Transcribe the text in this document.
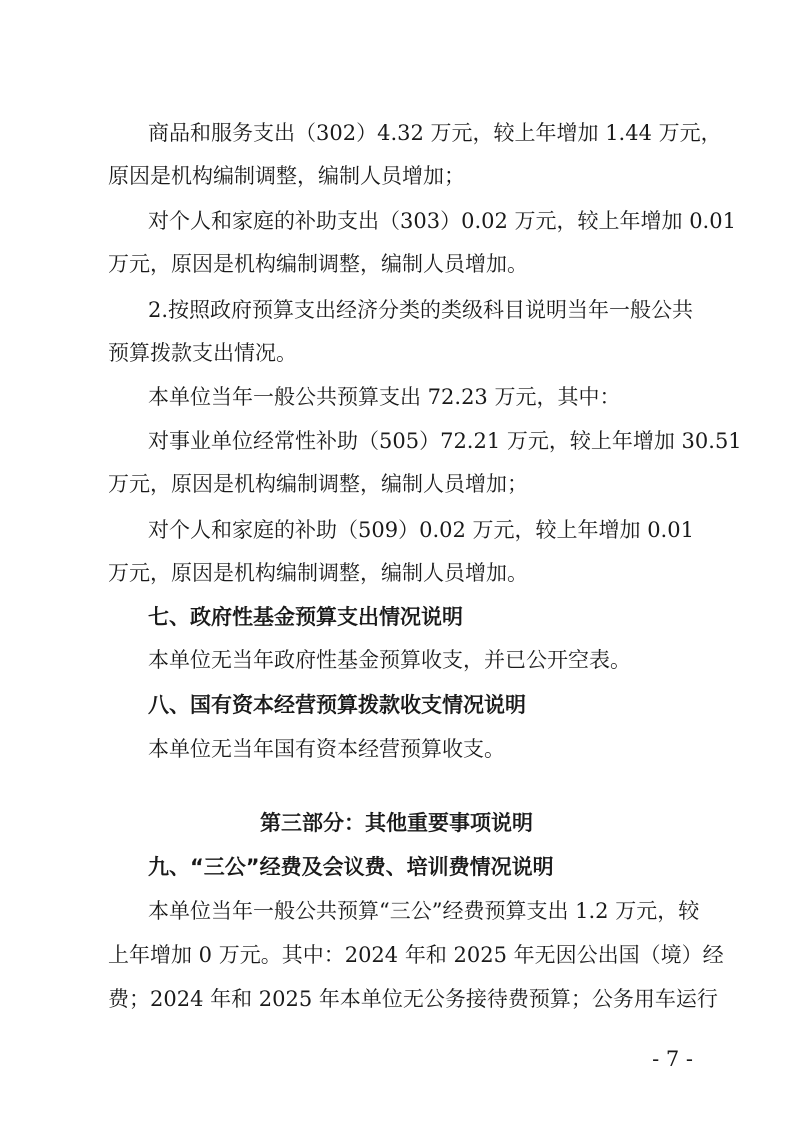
商品和服务支出（302）4.32 万元，较上年增加 1.44 万元，
原因是机构编制调整，编制人员增加；
对个人和家庭的补助支出（303）0.02 万元，较上年增加 0.01
万元，原因是机构编制调整，编制人员增加。
2.按照政府预算支出经济分类的类级科目说明当年一般公共
预算拨款支出情况。
本单位当年一般公共预算支出 72.23 万元，其中：
对事业单位经常性补助（505）72.21 万元，较上年增加 30.51
万元，原因是机构编制调整，编制人员增加；
对个人和家庭的补助（509）0.02 万元，较上年增加 0.01
万元，原因是机构编制调整，编制人员增加。
七、政府性基金预算支出情况说明
本单位无当年政府性基金预算收支，并已公开空表。
八、国有资本经营预算拨款收支情况说明
本单位无当年国有资本经营预算收支。
第三部分：其他重要事项说明
九、“三公”经费及会议费、培训费情况说明
本单位当年一般公共预算“三公”经费预算支出 1.2 万元，较
上年增加 0 万元。其中：2024 年和 2025 年无因公出国（境）经
费；2024 年和 2025 年本单位无公务接待费预算；公务用车运行
- 7 -
